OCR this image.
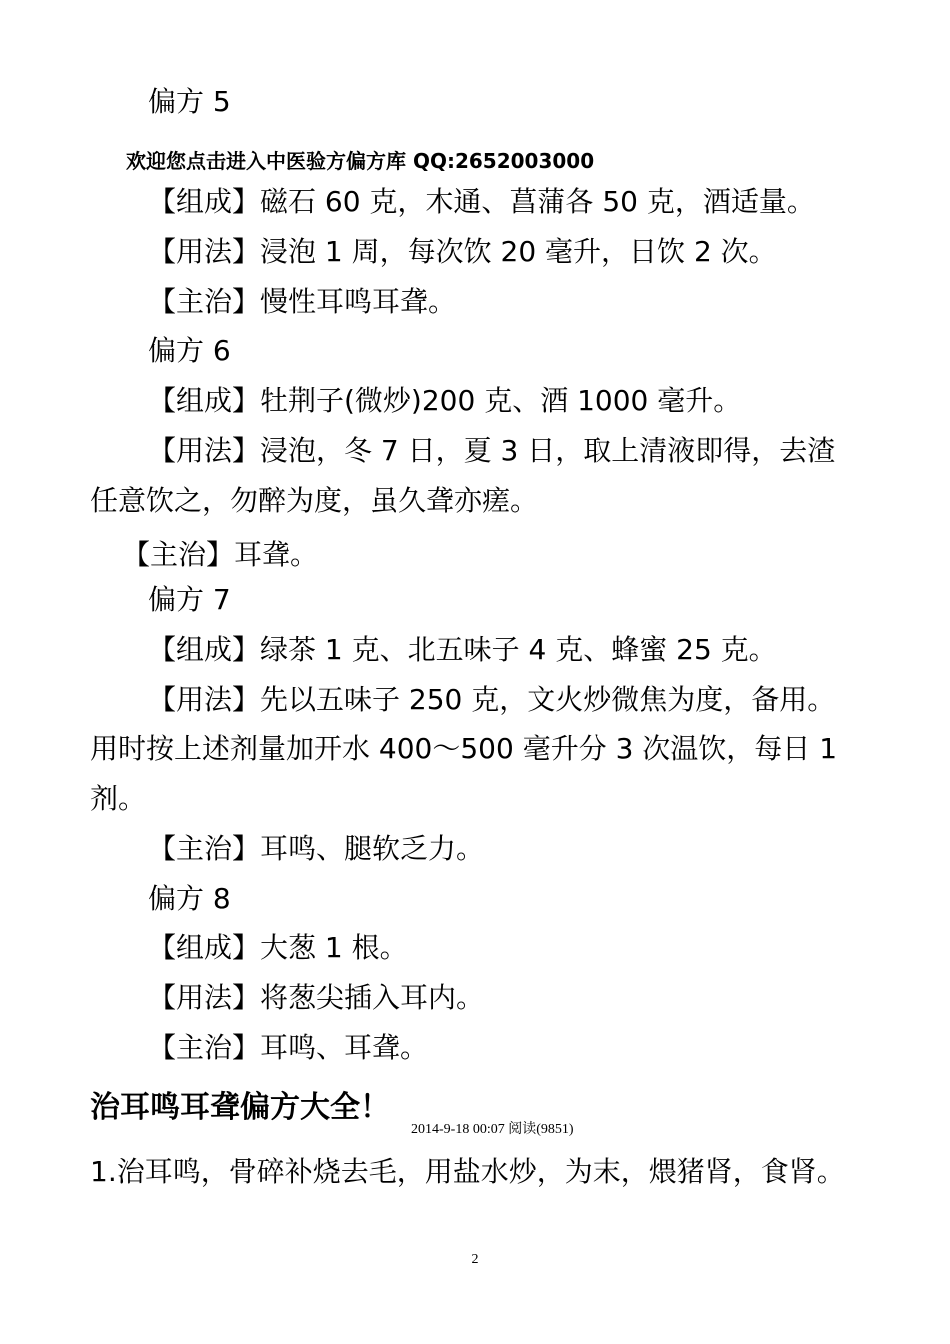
偏方 5
欢迎您点击进入中医验方偏方库 QQ:2652003000
【组成】磁石 60 克，木通、菖蒲各 50 克，酒适量。
【用法】浸泡 1 周，每次饮 20 毫升，日饮 2 次。
【主治】慢性耳鸣耳聋。
偏方 6
【组成】牡荆子(微炒)200 克、酒 1000 毫升。
【用法】浸泡，冬 7 日，夏 3 日，取上清液即得，去渣
任意饮之，勿醉为度，虽久聋亦瘥。
【主治】耳聋。
偏方 7
【组成】绿茶 1 克、北五味子 4 克、蜂蜜 25 克。
【用法】先以五味子 250 克，文火炒微焦为度，备用。
用时按上述剂量加开水 400～500 毫升分 3 次温饮，每日 1
剂。
【主治】耳鸣、腿软乏力。
偏方 8
【组成】大葱 1 根。
【用法】将葱尖插入耳内。
【主治】耳鸣、耳聋。
治耳鸣耳聋偏方大全！
2014-9-18 00:07 阅读(9851)
1.治耳鸣，骨碎补烧去毛，用盐水炒，为末，煨猪肾，食肾。
2
